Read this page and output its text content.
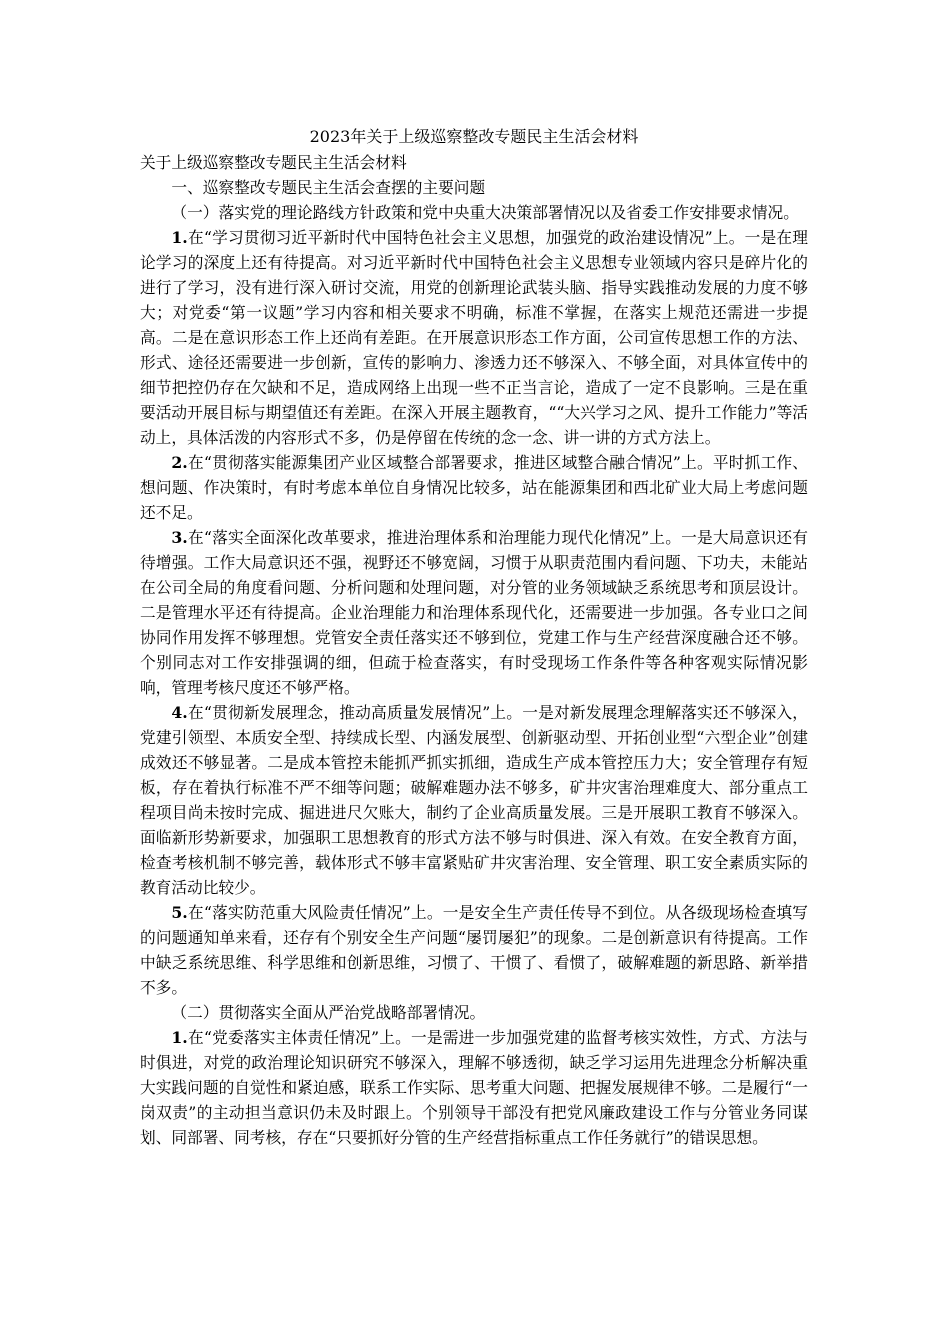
2023年关于上级巡察整改专题民主生活会材料

关于上级巡察整改专题民主生活会材料

一、巡察整改专题民主生活会查摆的主要问题

（一）落实党的理论路线方针政策和党中央重大决策部署情况以及省委工作安排要求情况。

1.在“学习贯彻习近平新时代中国特色社会主义思想，加强党的政治建设情况”上。一是在理论学习的深度上还有待提高。对习近平新时代中国特色社会主义思想专业领域内容只是碎片化的进行了学习，没有进行深入研讨交流，用党的创新理论武装头脑、指导实践推动发展的力度不够大；对党委“第一议题”学习内容和相关要求不明确，标准不掌握，在落实上规范还需进一步提高。二是在意识形态工作上还尚有差距。在开展意识形态工作方面，公司宣传思想工作的方法、形式、途径还需要进一步创新，宣传的影响力、渗透力还不够深入、不够全面，对具体宣传中的细节把控仍存在欠缺和不足，造成网络上出现一些不正当言论，造成了一定不良影响。三是在重要活动开展目标与期望值还有差距。在深入开展主题教育，““大兴学习之风、提升工作能力”等活动上，具体活泼的内容形式不多，仍是停留在传统的念一念、讲一讲的方式方法上。

2.在“贯彻落实能源集团产业区域整合部署要求，推进区域整合融合情况”上。平时抓工作、想问题、作决策时，有时考虑本单位自身情况比较多，站在能源集团和西北矿业大局上考虑问题还不足。

3.在“落实全面深化改革要求，推进治理体系和治理能力现代化情况”上。一是大局意识还有待增强。工作大局意识还不强，视野还不够宽阔，习惯于从职责范围内看问题、下功夫，未能站在公司全局的角度看问题、分析问题和处理问题，对分管的业务领域缺乏系统思考和顶层设计。二是管理水平还有待提高。企业治理能力和治理体系现代化，还需要进一步加强。各专业口之间协同作用发挥不够理想。党管安全责任落实还不够到位，党建工作与生产经营深度融合还不够。个别同志对工作安排强调的细，但疏于检查落实，有时受现场工作条件等各种客观实际情况影响，管理考核尺度还不够严格。

4.在“贯彻新发展理念，推动高质量发展情况”上。一是对新发展理念理解落实还不够深入，党建引领型、本质安全型、持续成长型、内涵发展型、创新驱动型、开拓创业型“六型企业”创建成效还不够显著。二是成本管控未能抓严抓实抓细，造成生产成本管控压力大；安全管理存有短板，存在着执行标准不严不细等问题；破解难题办法不够多，矿井灾害治理难度大、部分重点工程项目尚未按时完成、掘进进尺欠账大，制约了企业高质量发展。三是开展职工教育不够深入。面临新形势新要求，加强职工思想教育的形式方法不够与时俱进、深入有效。在安全教育方面，检查考核机制不够完善，载体形式不够丰富紧贴矿井灾害治理、安全管理、职工安全素质实际的教育活动比较少。

5.在“落实防范重大风险责任情况”上。一是安全生产责任传导不到位。从各级现场检查填写的问题通知单来看，还存有个别安全生产问题“屡罚屡犯”的现象。二是创新意识有待提高。工作中缺乏系统思维、科学思维和创新思维，习惯了、干惯了、看惯了，破解难题的新思路、新举措不多。

（二）贯彻落实全面从严治党战略部署情况。

1.在“党委落实主体责任情况”上。一是需进一步加强党建的监督考核实效性，方式、方法与时俱进，对党的政治理论知识研究不够深入，理解不够透彻，缺乏学习运用先进理念分析解决重大实践问题的自觉性和紧迫感，联系工作实际、思考重大问题、把握发展规律不够。二是履行“一岗双责”的主动担当意识仍未及时跟上。个别领导干部没有把党风廉政建设工作与分管业务同谋划、同部署、同考核，存在“只要抓好分管的生产经营指标重点工作任务就行”的错误思想。
